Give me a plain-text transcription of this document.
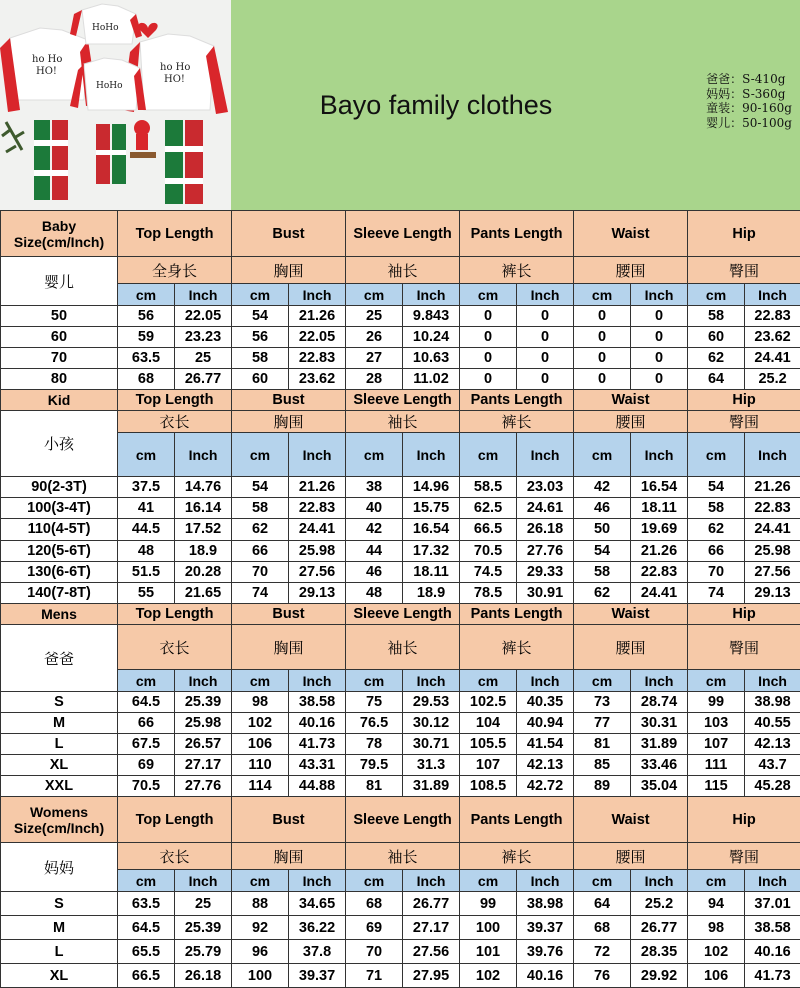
ho Ho
HO!
HoHo
ho Ho
HO!
HoHo
Bayo family clothes
爸爸：S-410g
妈妈：S-360g
童装：90-160g
婴儿：50-100g
Baby Size(cm/Inch)	Top Length		Bust		Sleeve Length		Pants Length		Waist		Hip	
婴儿	全身长		胸围		袖长		裤长		腰围		臀围	
	cm	Inch	cm	Inch	cm	Inch	cm	Inch	cm	Inch	cm	Inch
50	56	22.05	54	21.26	25	9.843	0	0	0	0	58	22.83
60	59	23.23	56	22.05	26	10.24	0	0	0	0	60	23.62
70	63.5	25	58	22.83	27	10.63	0	0	0	0	62	24.41
80	68	26.77	60	23.62	28	11.02	0	0	0	0	64	25.2
Kid	Top Length		Bust		Sleeve Length		Pants Length		Waist		Hip	
小孩	衣长		胸围		袖长		裤长		腰围		臀围	
	cm	Inch	cm	Inch	cm	Inch	cm	Inch	cm	Inch	cm	Inch
90(2-3T)	37.5	14.76	54	21.26	38	14.96	58.5	23.03	42	16.54	54	21.26
100(3-4T)	41	16.14	58	22.83	40	15.75	62.5	24.61	46	18.11	58	22.83
110(4-5T)	44.5	17.52	62	24.41	42	16.54	66.5	26.18	50	19.69	62	24.41
120(5-6T)	48	18.9	66	25.98	44	17.32	70.5	27.76	54	21.26	66	25.98
130(6-6T)	51.5	20.28	70	27.56	46	18.11	74.5	29.33	58	22.83	70	27.56
140(7-8T)	55	21.65	74	29.13	48	18.9	78.5	30.91	62	24.41	74	29.13
Mens	Top Length		Bust		Sleeve Length		Pants Length		Waist		Hip	
爸爸	衣长		胸围		袖长		裤长		腰围		臀围	
	cm	Inch	cm	Inch	cm	Inch	cm	Inch	cm	Inch	cm	Inch
S	64.5	25.39	98	38.58	75	29.53	102.5	40.35	73	28.74	99	38.98
M	66	25.98	102	40.16	76.5	30.12	104	40.94	77	30.31	103	40.55
L	67.5	26.57	106	41.73	78	30.71	105.5	41.54	81	31.89	107	42.13
XL	69	27.17	110	43.31	79.5	31.3	107	42.13	85	33.46	111	43.7
XXL	70.5	27.76	114	44.88	81	31.89	108.5	42.72	89	35.04	115	45.28
Womens Size(cm/Inch)	Top Length		Bust		Sleeve Length		Pants Length		Waist		Hip	
妈妈	衣长		胸围		袖长		裤长		腰围		臀围	
	cm	Inch	cm	Inch	cm	Inch	cm	Inch	cm	Inch	cm	Inch
S	63.5	25	88	34.65	68	26.77	99	38.98	64	25.2	94	37.01
M	64.5	25.39	92	36.22	69	27.17	100	39.37	68	26.77	98	38.58
L	65.5	25.79	96	37.8	70	27.56	101	39.76	72	28.35	102	40.16
XL	66.5	26.18	100	39.37	71	27.95	102	40.16	76	29.92	106	41.73
